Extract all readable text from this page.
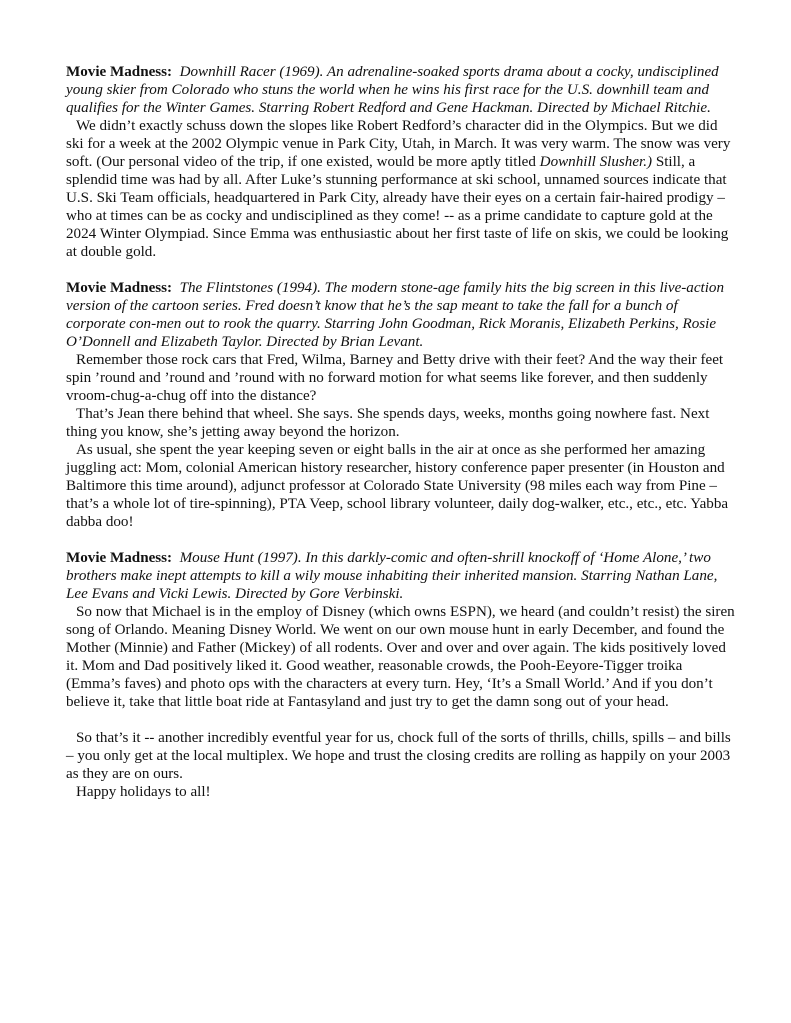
Movie Madness: Downhill Racer (1969). An adrenaline-soaked sports drama about a cocky, undisciplined young skier from Colorado who stuns the world when he wins his first race for the U.S. downhill team and qualifies for the Winter Games. Starring Robert Redford and Gene Hackman. Directed by Michael Ritchie.

We didn’t exactly schuss down the slopes like Robert Redford’s character did in the Olympics. But we did ski for a week at the 2002 Olympic venue in Park City, Utah, in March. It was very warm. The snow was very soft. (Our personal video of the trip, if one existed, would be more aptly titled Downhill Slusher.) Still, a splendid time was had by all. After Luke’s stunning performance at ski school, unnamed sources indicate that U.S. Ski Team officials, headquartered in Park City, already have their eyes on a certain fair-haired prodigy – who at times can be as cocky and undisciplined as they come! -- as a prime candidate to capture gold at the 2024 Winter Olympiad. Since Emma was enthusiastic about her first taste of life on skis, we could be looking at double gold.

Movie Madness: The Flintstones (1994). The modern stone-age family hits the big screen in this live-action version of the cartoon series. Fred doesn’t know that he’s the sap meant to take the fall for a bunch of corporate con-men out to rook the quarry. Starring John Goodman, Rick Moranis, Elizabeth Perkins, Rosie O’Donnell and Elizabeth Taylor. Directed by Brian Levant.

Remember those rock cars that Fred, Wilma, Barney and Betty drive with their feet? And the way their feet spin ’round and ’round and ’round with no forward motion for what seems like forever, and then suddenly vroom-chug-a-chug off into the distance?

That’s Jean there behind that wheel. She says. She spends days, weeks, months going nowhere fast. Next thing you know, she’s jetting away beyond the horizon.

As usual, she spent the year keeping seven or eight balls in the air at once as she performed her amazing juggling act: Mom, colonial American history researcher, history conference paper presenter (in Houston and Baltimore this time around), adjunct professor at Colorado State University (98 miles each way from Pine – that’s a whole lot of tire-spinning), PTA Veep, school library volunteer, daily dog-walker, etc., etc., etc. Yabba dabba doo!

Movie Madness: Mouse Hunt (1997). In this darkly-comic and often-shrill knockoff of ‘Home Alone,’ two brothers make inept attempts to kill a wily mouse inhabiting their inherited mansion. Starring Nathan Lane, Lee Evans and Vicki Lewis. Directed by Gore Verbinski.

So now that Michael is in the employ of Disney (which owns ESPN), we heard (and couldn’t resist) the siren song of Orlando. Meaning Disney World. We went on our own mouse hunt in early December, and found the Mother (Minnie) and Father (Mickey) of all rodents. Over and over and over again. The kids positively loved it. Mom and Dad positively liked it. Good weather, reasonable crowds, the Pooh-Eeyore-Tigger troika (Emma’s faves) and photo ops with the characters at every turn. Hey, ‘It’s a Small World.’ And if you don’t believe it, take that little boat ride at Fantasyland and just try to get the damn song out of your head.

So that’s it -- another incredibly eventful year for us, chock full of the sorts of thrills, chills, spills – and bills – you only get at the local multiplex. We hope and trust the closing credits are rolling as happily on your 2003 as they are on ours.

Happy holidays to all!
